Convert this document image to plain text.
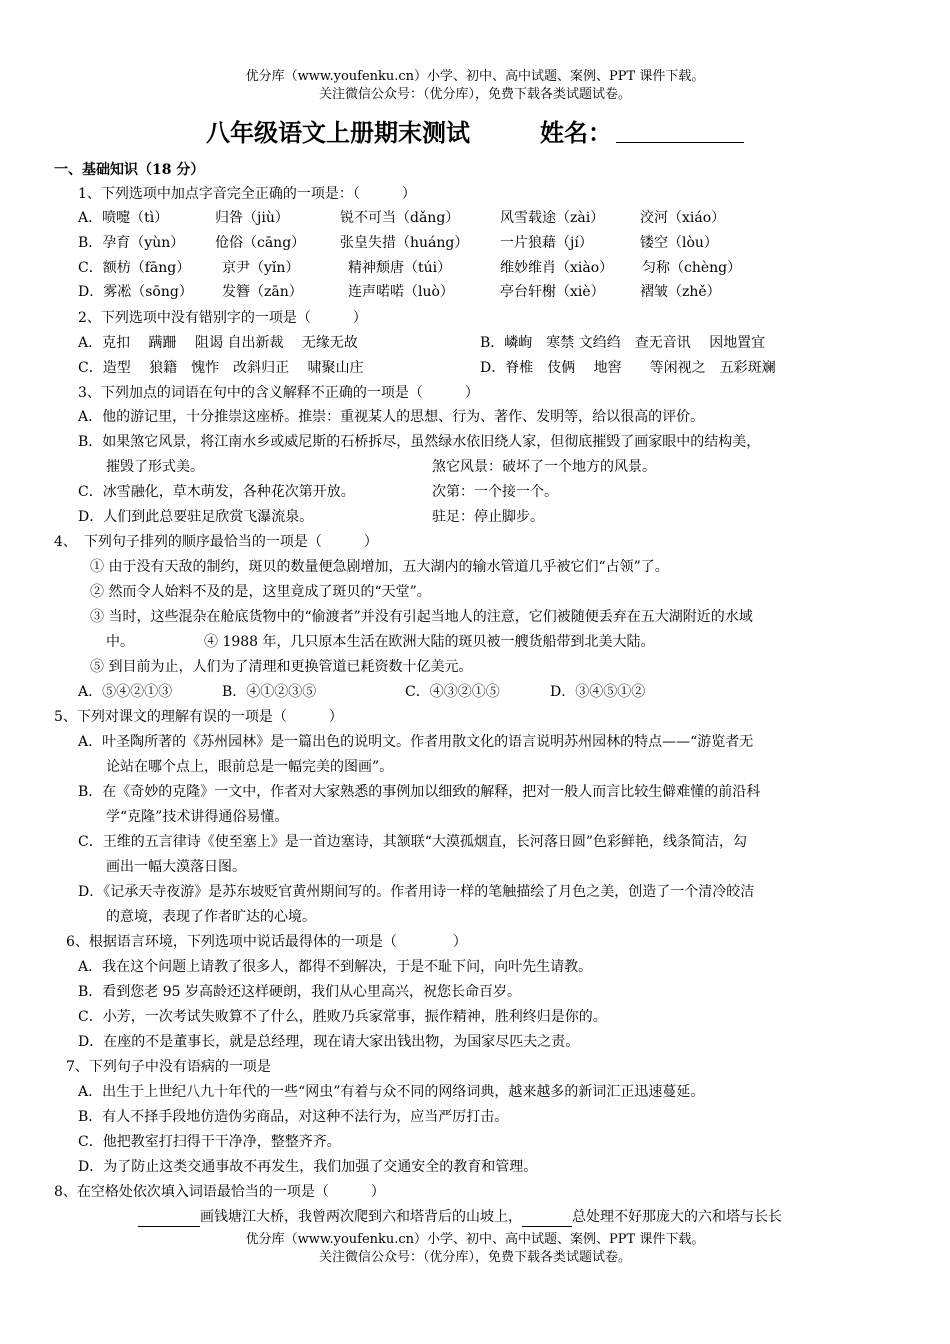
优分库（www.youfenku.cn）小学、初中、高中试题、案例、PPT 课件下载。
关注微信公众号：（优分库），免费下载各类试题试卷。
八年级语文上册期末测试	姓名：
一、基础知识（18 分）
1、下列选项中加点字音完全正确的一项是：（　　　）
A．喷嚏（tì）	归咎（jiù）	锐不可当（dǎng）	风雪载途（zài）	洨河（xiáo）
B．孕育（yùn） 伧俗（cāng） 张皇失措（huáng） 一片狼藉（jí）	镂空（lòu）
C．额枋（fāng） 京尹（yǐn）	精神颓唐（túi）	维妙维肖（xiào） 匀称（chèng）
D．雾凇（sōng） 发簪（zān）	连声喏喏（luò）	亭台轩榭（xiè）	褶皱（zhě）
2、下列选项中没有错别字的一项是（　　　）
A．克扣　 蹒跚　 阻谒 自出新裁　 无缘无故	B．嶙峋　寒禁 文绉绉　查无音讯　 因地置宜
C．造型　 狼籍　愧怍　改斜归正　 啸聚山庄	D．脊椎　伎俩　 地窖　　等闲视之　五彩斑斓
3、下列加点的词语在句中的含义解释不正确的一项是（　　　）
A．他的游记里，十分推崇这座桥。推崇：重视某人的思想、行为、著作、发明等，给以很高的评价。
B．如果煞它风景，将江南水乡或威尼斯的石桥拆尽，虽然绿水依旧绕人家，但彻底摧毁了画家眼中的结构美，
摧毁了形式美。	煞它风景：破坏了一个地方的风景。
C．冰雪融化，草木萌发，各种花次第开放。	次第：一个接一个。
D．人们到此总要驻足欣赏飞瀑流泉。	驻足：停止脚步。
4、　下列句子排列的顺序最恰当的一项是（　　　）
① 由于没有天敌的制约，斑贝的数量便急剧增加，五大湖内的输水管道几乎被它们“占领”了。
② 然而令人始料不及的是，这里竟成了斑贝的“天堂”。
③ 当时，这些混杂在舱底货物中的“偷渡者”并没有引起当地人的注意，它们被随便丢弃在五大湖附近的水域
中。	④ 1988 年，几只原本生活在欧洲大陆的斑贝被一艘货船带到北美大陆。
⑤ 到目前为止，人们为了清理和更换管道已耗资数十亿美元。
A．⑤④②①③	B．④①②③⑤	C．④③②①⑤	D．③④⑤①②
5、下列对课文的理解有误的一项是（　　　）
A．叶圣陶所著的《苏州园林》是一篇出色的说明文。作者用散文化的语言说明苏州园林的特点——“游览者无
论站在哪个点上，眼前总是一幅完美的图画”。
B．在《奇妙的克隆》一文中，作者对大家熟悉的事例加以细致的解释，把对一般人而言比较生僻难懂的前沿科
学“克隆”技术讲得通俗易懂。
C．王维的五言律诗《使至塞上》是一首边塞诗，其颔联“大漠孤烟直，长河落日圆”色彩鲜艳，线条简洁，勾
画出一幅大漠落日图。
D．《记承天寺夜游》是苏东坡贬官黄州期间写的。作者用诗一样的笔触描绘了月色之美，创造了一个清冷皎洁
的意境，表现了作者旷达的心境。
6、根据语言环境，下列选项中说话最得体的一项是（　　　　）
A．我在这个问题上请教了很多人，都得不到解决，于是不耻下问，向叶先生请教。
B．看到您老 95 岁高龄还这样硬朗，我们从心里高兴，祝您长命百岁。
C．小芳，一次考试失败算不了什么，胜败乃兵家常事，振作精神，胜利终归是你的。
D．在座的不是董事长，就是总经理，现在请大家出钱出物，为国家尽匹夫之责。
7、下列句子中没有语病的一项是
A．出生于上世纪八九十年代的一些“网虫”有着与众不同的网络词典，越来越多的新词汇正迅速蔓延。
B．有人不择手段地仿造伪劣商品，对这种不法行为，应当严厉打击。
C．他把教室打扫得干干净净，整整齐齐。
D．为了防止这类交通事故不再发生，我们加强了交通安全的教育和管理。
8、在空格处依次填入词语最恰当的一项是（　　　）
画钱塘江大桥，我曾两次爬到六和塔背后的山坡上，	总处理不好那庞大的六和塔与长长
优分库（www.youfenku.cn）小学、初中、高中试题、案例、PPT 课件下载。
关注微信公众号：（优分库），免费下载各类试题试卷。
